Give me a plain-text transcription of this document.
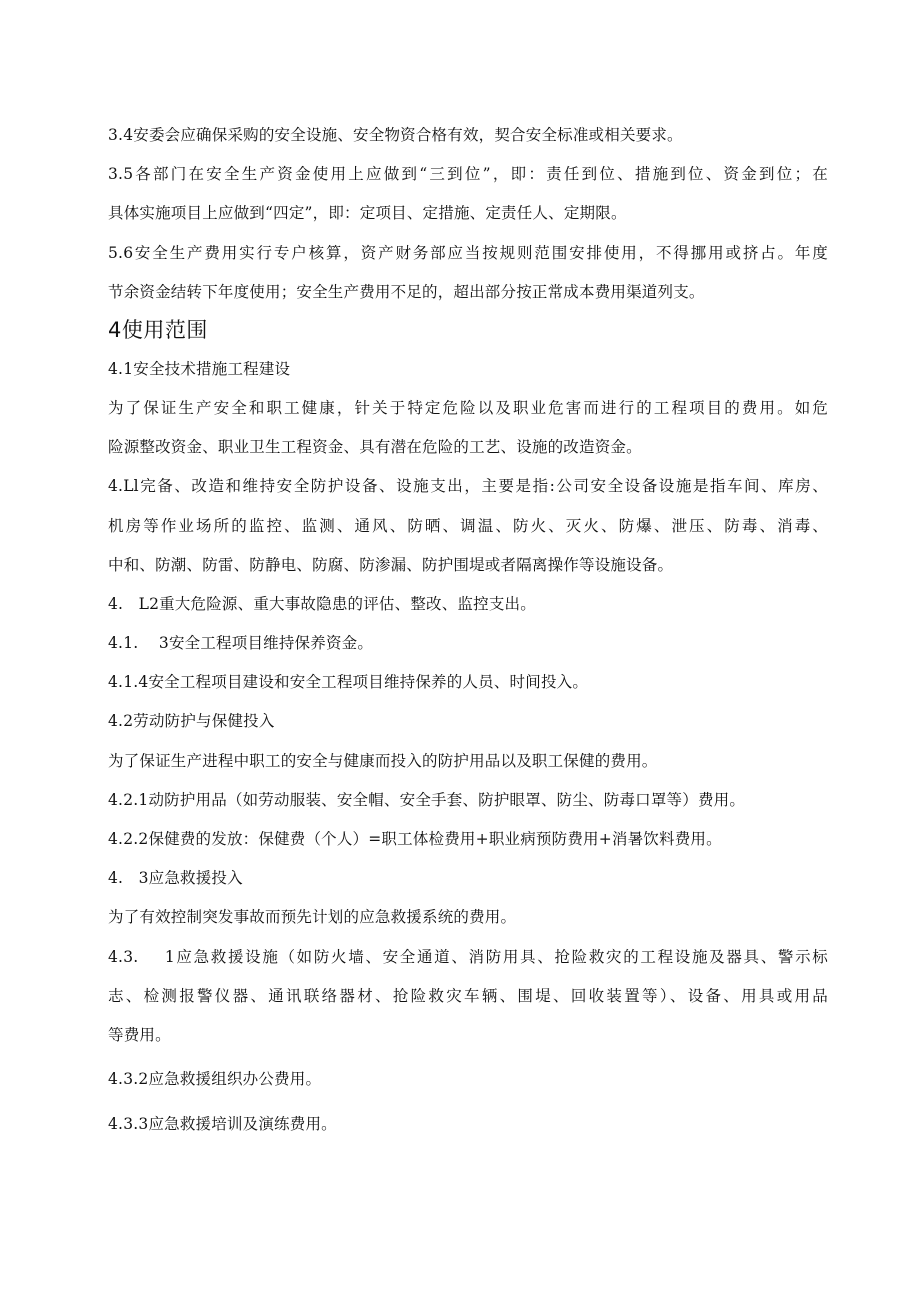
3.4安委会应确保采购的安全设施、安全物资合格有效，契合安全标准或相关要求。
3.5各部门在安全生产资金使用上应做到“三到位”，即：责任到位、措施到位、资金到位；在
具体实施项目上应做到“四定”，即：定项目、定措施、定责任人、定期限。
5.6安全生产费用实行专户核算，资产财务部应当按规则范围安排使用，不得挪用或挤占。年度
节余资金结转下年度使用；安全生产费用不足的，超出部分按正常成本费用渠道列支。
4使用范围
4.1安全技术措施工程建设
为了保证生产安全和职工健康，针关于特定危险以及职业危害而进行的工程项目的费用。如危
险源整改资金、职业卫生工程资金、具有潜在危险的工艺、设施的改造资金。
4.Ll完备、改造和维持安全防护设备、设施支出，主要是指:公司安全设备设施是指车间、库房、
机房等作业场所的监控、监测、通风、防晒、调温、防火、灭火、防爆、泄压、防毒、消毒、
中和、防潮、防雷、防静电、防腐、防渗漏、防护围堤或者隔离操作等设施设备。
4.   L2重大危险源、重大事故隐患的评估、整改、监控支出。
4.1.    3安全工程项目维持保养资金。
4.1.4安全工程项目建设和安全工程项目维持保养的人员、时间投入。
4.2劳动防护与保健投入
为了保证生产进程中职工的安全与健康而投入的防护用品以及职工保健的费用。
4.2.1动防护用品（如劳动服装、安全帽、安全手套、防护眼罩、防尘、防毒口罩等）费用。
4.2.2保健费的发放：保健费（个人）=职工体检费用+职业病预防费用+消暑饮料费用。
4.   3应急救援投入
为了有效控制突发事故而预先计划的应急救援系统的费用。
4.3.    1应急救援设施（如防火墙、安全通道、消防用具、抢险救灾的工程设施及器具、警示标
志、检测报警仪器、通讯联络器材、抢险救灾车辆、围堤、回收装置等）、设备、用具或用品
等费用。
4.3.2应急救援组织办公费用。
4.3.3应急救援培训及演练费用。
